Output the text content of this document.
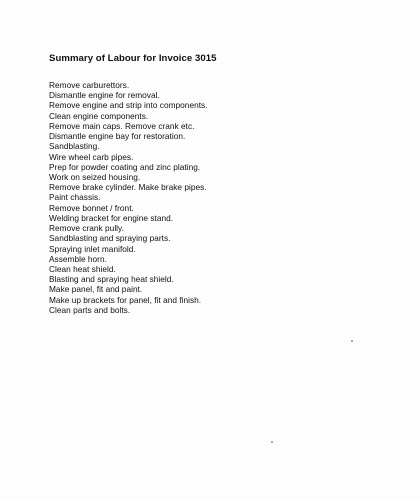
Summary of Labour for Invoice 3015
Remove carburettors.
Dismantle engine for removal.
Remove engine and strip into components.
Clean engine components.
Remove main caps. Remove crank etc.
Dismantle engine bay for restoration.
Sandblasting.
Wire wheel carb pipes.
Prep for powder coating and zinc plating.
Work on seized housing.
Remove brake cylinder. Make brake pipes.
Paint chassis.
Remove bonnet / front.
Welding bracket for engine stand.
Remove crank pully.
Sandblasting and spraying parts.
Spraying inlet manifold.
Assemble horn.
Clean heat shield.
Blasting and spraying heat shield.
Make panel, fit and paint.
Make up brackets for panel, fit and finish.
Clean parts and bolts.
